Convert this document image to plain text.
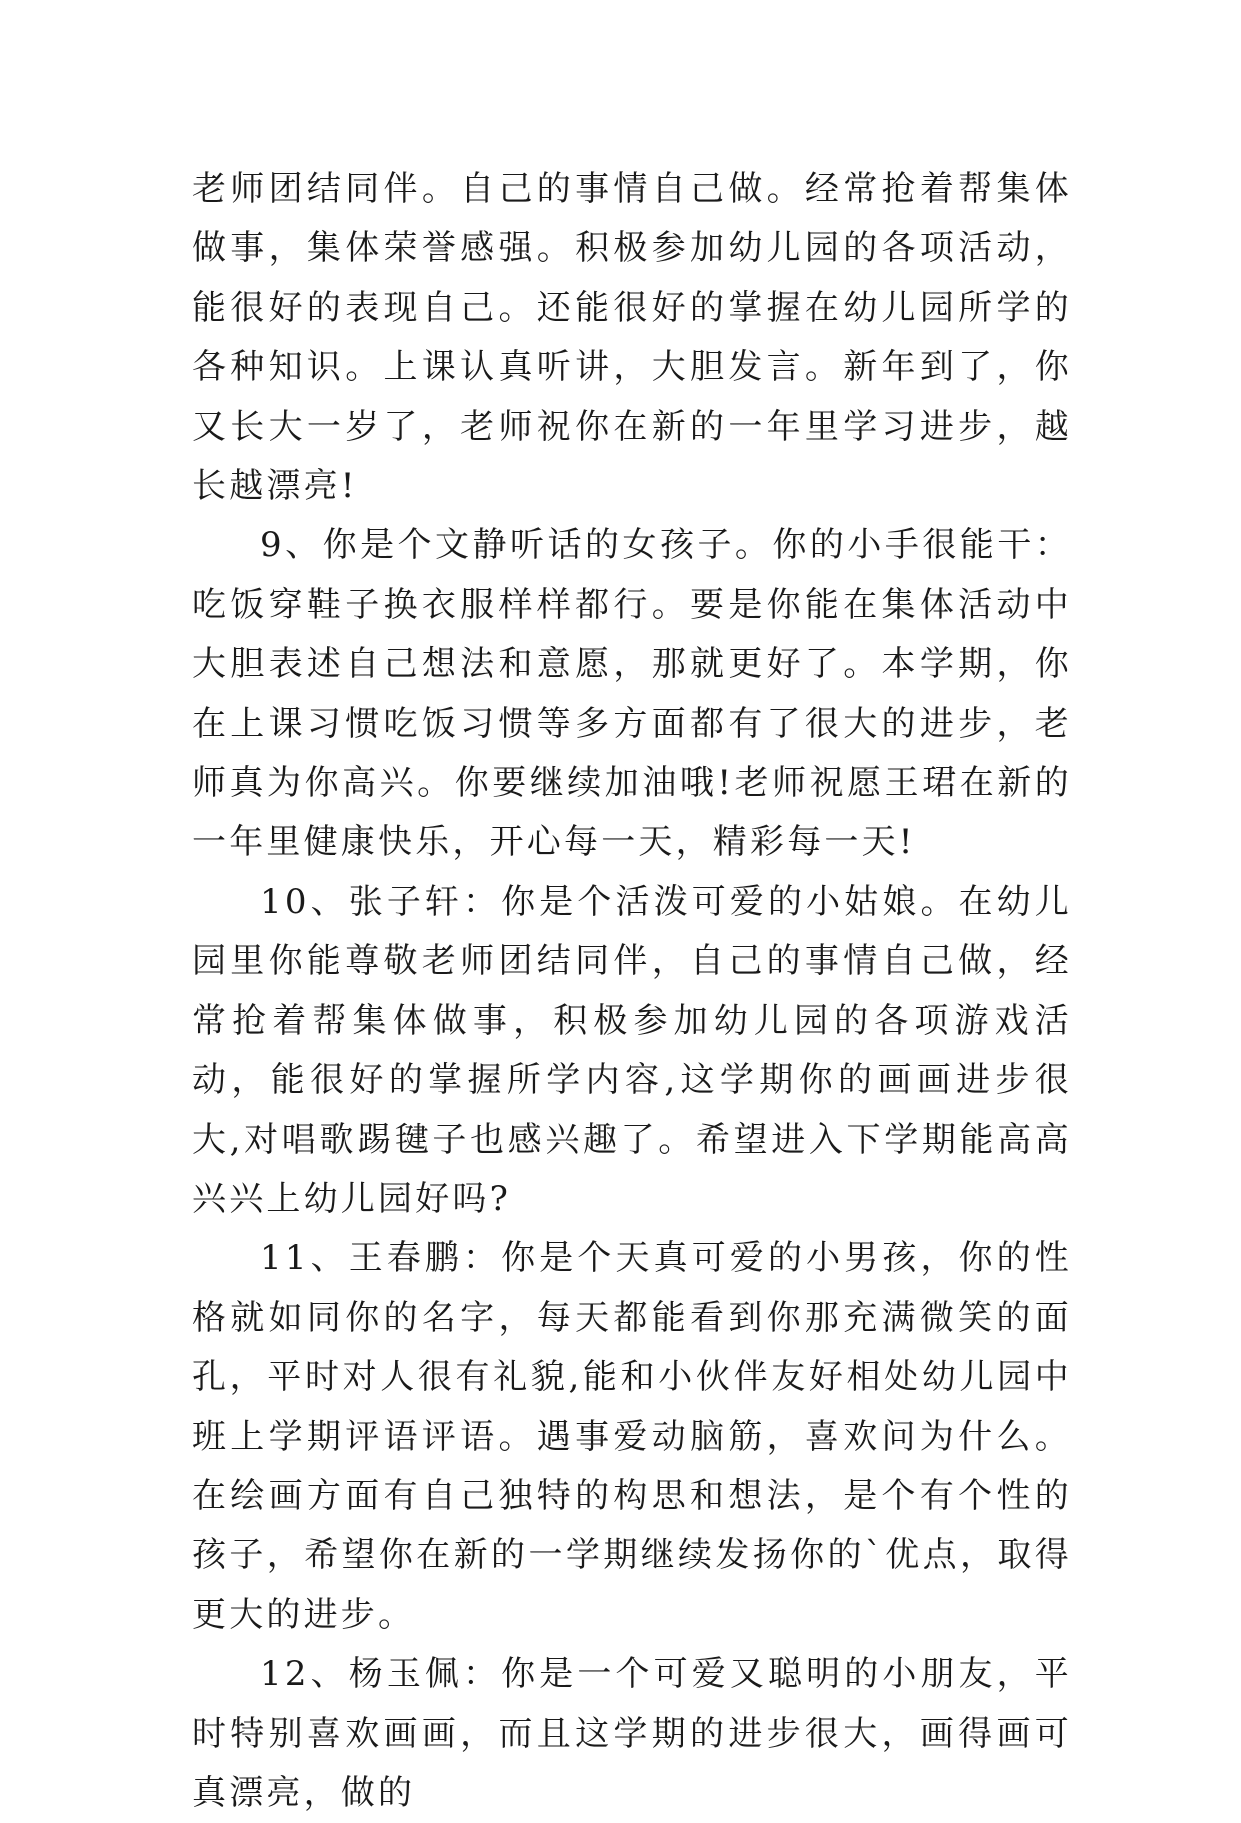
老师团结同伴。自己的事情自己做。经常抢着帮集体做事，集体荣誉感强。积极参加幼儿园的各项活动，能很好的表现自己。还能很好的掌握在幼儿园所学的各种知识。上课认真听讲，大胆发言。新年到了，你又长大一岁了，老师祝你在新的一年里学习进步，越长越漂亮!

9、你是个文静听话的女孩子。你的小手很能干：吃饭穿鞋子换衣服样样都行。要是你能在集体活动中大胆表述自己想法和意愿，那就更好了。本学期，你在上课习惯吃饭习惯等多方面都有了很大的进步，老师真为你高兴。你要继续加油哦!老师祝愿王珺在新的一年里健康快乐，开心每一天，精彩每一天!

10、张子轩：你是个活泼可爱的小姑娘。在幼儿园里你能尊敬老师团结同伴，自己的事情自己做，经常抢着帮集体做事，积极参加幼儿园的各项游戏活动，能很好的掌握所学内容,这学期你的画画进步很大,对唱歌踢毽子也感兴趣了。希望进入下学期能高高兴兴上幼儿园好吗?

11、王春鹏：你是个天真可爱的小男孩，你的性格就如同你的名字，每天都能看到你那充满微笑的面孔，平时对人很有礼貌,能和小伙伴友好相处幼儿园中班上学期评语评语。遇事爱动脑筋，喜欢问为什么。在绘画方面有自己独特的构思和想法，是个有个性的孩子，希望你在新的一学期继续发扬你的`优点，取得更大的进步。

12、杨玉佩：你是一个可爱又聪明的小朋友，平时特别喜欢画画，而且这学期的进步很大，画得画可真漂亮，做的
